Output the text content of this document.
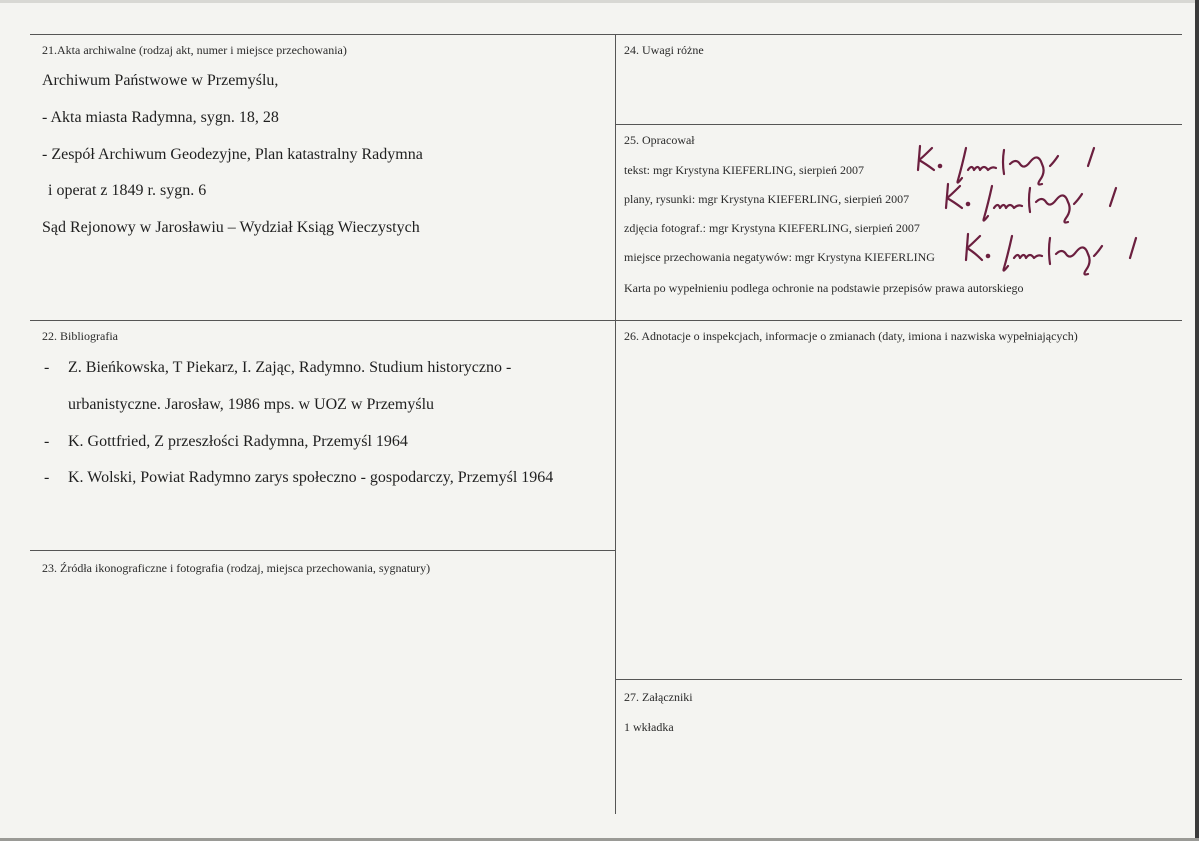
21.Akta archiwalne (rodzaj akt, numer i miejsce przechowania)
Archiwum Państwowe w Przemyślu,
- Akta miasta Radymna, sygn. 18, 28
- Zespół Archiwum Geodezyjne, Plan katastralny Radymna
i operat z 1849 r. sygn. 6
Sąd Rejonowy w Jarosławiu – Wydział Ksiąg Wieczystych
24. Uwagi różne
25. Opracował
tekst: mgr Krystyna KIEFERLING, sierpień 2007
plany, rysunki: mgr Krystyna KIEFERLING, sierpień 2007
zdjęcia fotograf.: mgr Krystyna KIEFERLING, sierpień 2007
miejsce przechowania negatywów: mgr Krystyna KIEFERLING
Karta po wypełnieniu podlega ochronie na podstawie przepisów prawa autorskiego
22. Bibliografia
- Z. Bieńkowska, T Piekarz, I. Zając, Radymno. Studium historyczno -
urbanistyczne. Jarosław, 1986 mps. w UOZ w Przemyślu
- K. Gottfried, Z przeszłości Radymna, Przemyśl 1964
- K. Wolski, Powiat Radymno zarys społeczno - gospodarczy, Przemyśl 1964
26. Adnotacje o inspekcjach, informacje o zmianach (daty, imiona i nazwiska wypełniających)
23. Źródła ikonograficzne i fotografia (rodzaj, miejsca przechowania, sygnatury)
27. Załączniki
1 wkładka
